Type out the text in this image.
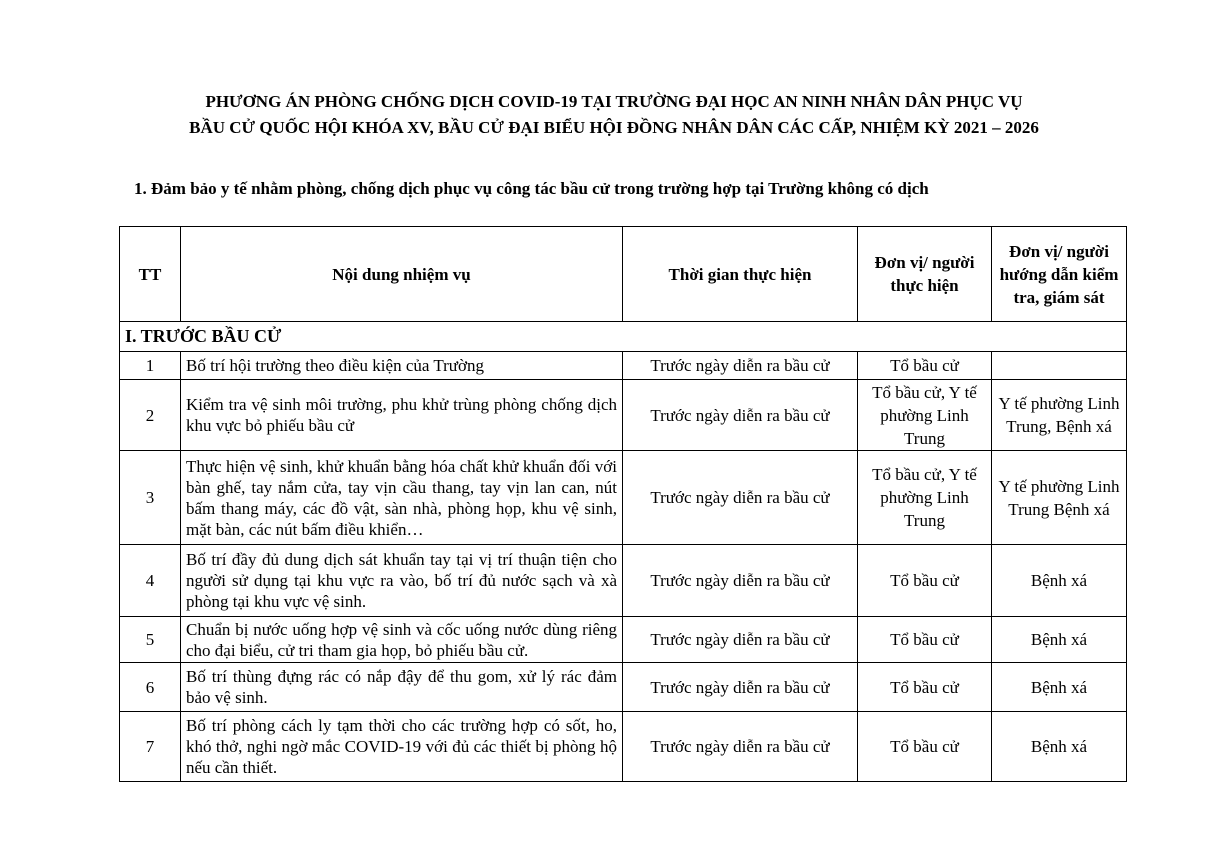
PHƯƠNG ÁN PHÒNG CHỐNG DỊCH COVID-19 TẠI TRƯỜNG ĐẠI HỌC AN NINH NHÂN DÂN PHỤC VỤ
BẦU CỬ QUỐC HỘI KHÓA XV, BẦU CỬ ĐẠI BIỂU HỘI ĐỒNG NHÂN DÂN CÁC CẤP, NHIỆM KỲ 2021 – 2026
1. Đảm bảo y tế nhằm phòng, chống dịch phục vụ công tác bầu cử trong trường hợp tại Trường không có dịch
TT	Nội dung nhiệm vụ	Thời gian thực hiện	Đơn vị/ người thực hiện	Đơn vị/ người hướng dẫn kiểm tra, giám sát
I. TRƯỚC BẦU CỬ				
1	Bố trí hội trường theo điều kiện của Trường	Trước ngày diễn ra bầu cử	Tổ bầu cử	
2	Kiểm tra vệ sinh môi trường, phu khử trùng phòng chống dịch khu vực bỏ phiếu bầu cử	Trước ngày diễn ra bầu cử	Tổ bầu cử, Y tế phường Linh Trung	Y tế phường Linh Trung, Bệnh xá
3	Thực hiện vệ sinh, khử khuẩn bằng hóa chất khử khuẩn đối với bàn ghế, tay nắm cửa, tay vịn cầu thang, tay vịn lan can, nút bấm thang máy, các đồ vật, sàn nhà, phòng họp, khu vệ sinh, mặt bàn, các nút bấm điều khiển…	Trước ngày diễn ra bầu cử	Tổ bầu cử, Y tế phường Linh Trung	Y tế phường Linh Trung Bệnh xá
4	Bố trí đầy đủ dung dịch sát khuẩn tay tại vị trí thuận tiện cho người sử dụng tại khu vực ra vào, bố trí đủ nước sạch và xà phòng tại khu vực vệ sinh.	Trước ngày diễn ra bầu cử	Tổ bầu cử	Bệnh xá
5	Chuẩn bị nước uống hợp vệ sinh và cốc uống nước dùng riêng cho đại biểu, cử tri tham gia họp, bỏ phiếu bầu cử.	Trước ngày diễn ra bầu cử	Tổ bầu cử	Bệnh xá
6	Bố trí thùng đựng rác có nắp đậy để thu gom, xử lý rác đảm bảo vệ sinh.	Trước ngày diễn ra bầu cử	Tổ bầu cử	Bệnh xá
7	Bố trí phòng cách ly tạm thời cho các trường hợp có sốt, ho, khó thở, nghi ngờ mắc COVID-19 với đủ các thiết bị phòng hộ nếu cần thiết.	Trước ngày diễn ra bầu cử	Tổ bầu cử	Bệnh xá
